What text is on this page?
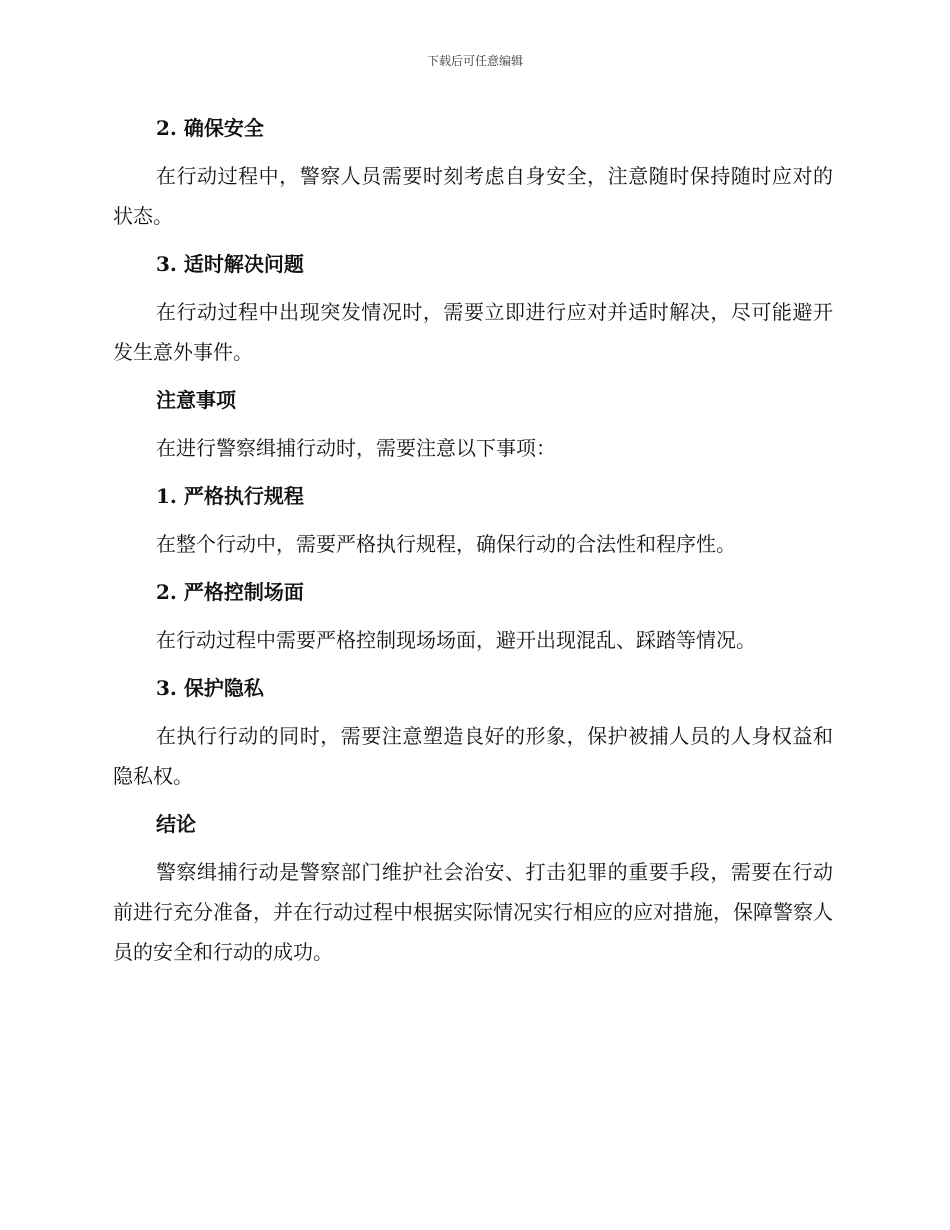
下载后可任意编辑
2. 确保安全

在行动过程中，警察人员需要时刻考虑自身安全，注意随时保持随时应对的状态。

3. 适时解决问题

在行动过程中出现突发情况时，需要立即进行应对并适时解决，尽可能避开发生意外事件。

注意事项

在进行警察缉捕行动时，需要注意以下事项：

1. 严格执行规程

在整个行动中，需要严格执行规程，确保行动的合法性和程序性。

2. 严格控制场面

在行动过程中需要严格控制现场场面，避开出现混乱、踩踏等情况。

3. 保护隐私

在执行行动的同时，需要注意塑造良好的形象，保护被捕人员的人身权益和隐私权。

结论

警察缉捕行动是警察部门维护社会治安、打击犯罪的重要手段，需要在行动前进行充分准备，并在行动过程中根据实际情况实行相应的应对措施，保障警察人员的安全和行动的成功。
